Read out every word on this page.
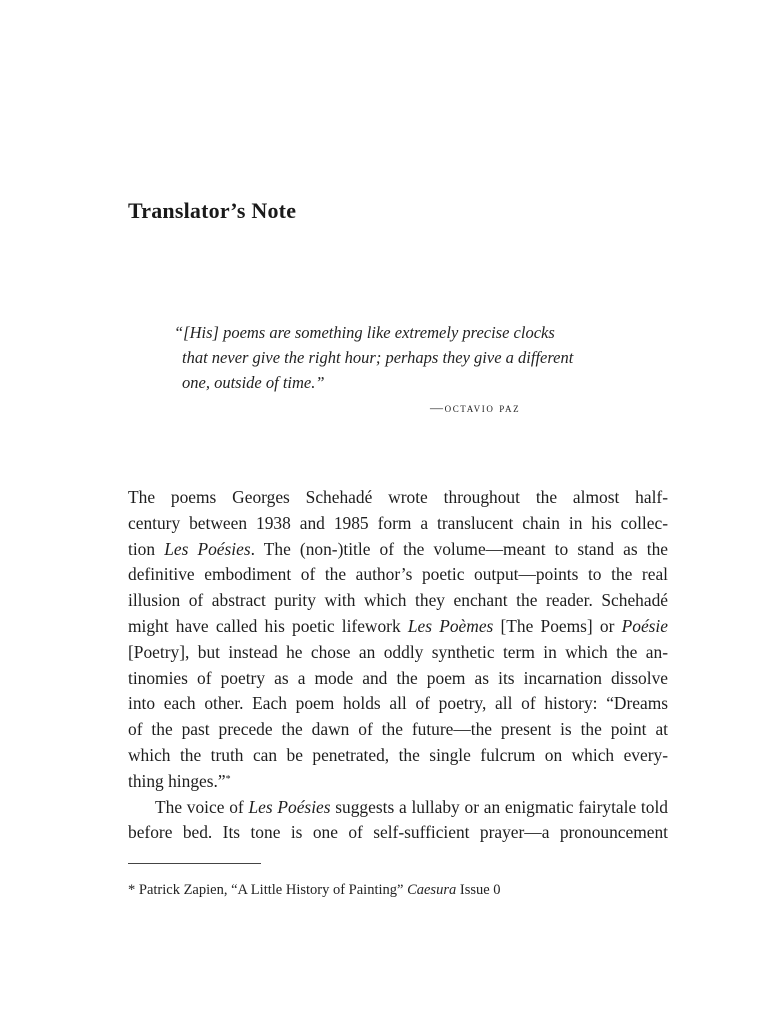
Translator’s Note
“[His] poems are something like extremely precise clocks
that never give the right hour; perhaps they give a different
one, outside of time.”
—octavio paz

The poems Georges Schehadé wrote throughout the almost half-
century between 1938 and 1985 form a translucent chain in his collec-
tion Les Poésies. The (non-)title of the volume—meant to stand as the
definitive embodiment of the author’s poetic output—points to the real
illusion of abstract purity with which they enchant the reader. Schehadé
might have called his poetic lifework Les Poèmes [The Poems] or Poésie
[Poetry], but instead he chose an oddly synthetic term in which the an-
tinomies of poetry as a mode and the poem as its incarnation dissolve
into each other. Each poem holds all of poetry, all of history: “Dreams
of the past precede the dawn of the future—the present is the point at
which the truth can be penetrated, the single fulcrum on which every-
thing hinges.”*

The voice of Les Poésies suggests a lullaby or an enigmatic fairytale told
before bed. Its tone is one of self-sufficient prayer—a pronouncement

* Patrick Zapien, “A Little History of Painting” Caesura Issue 0
